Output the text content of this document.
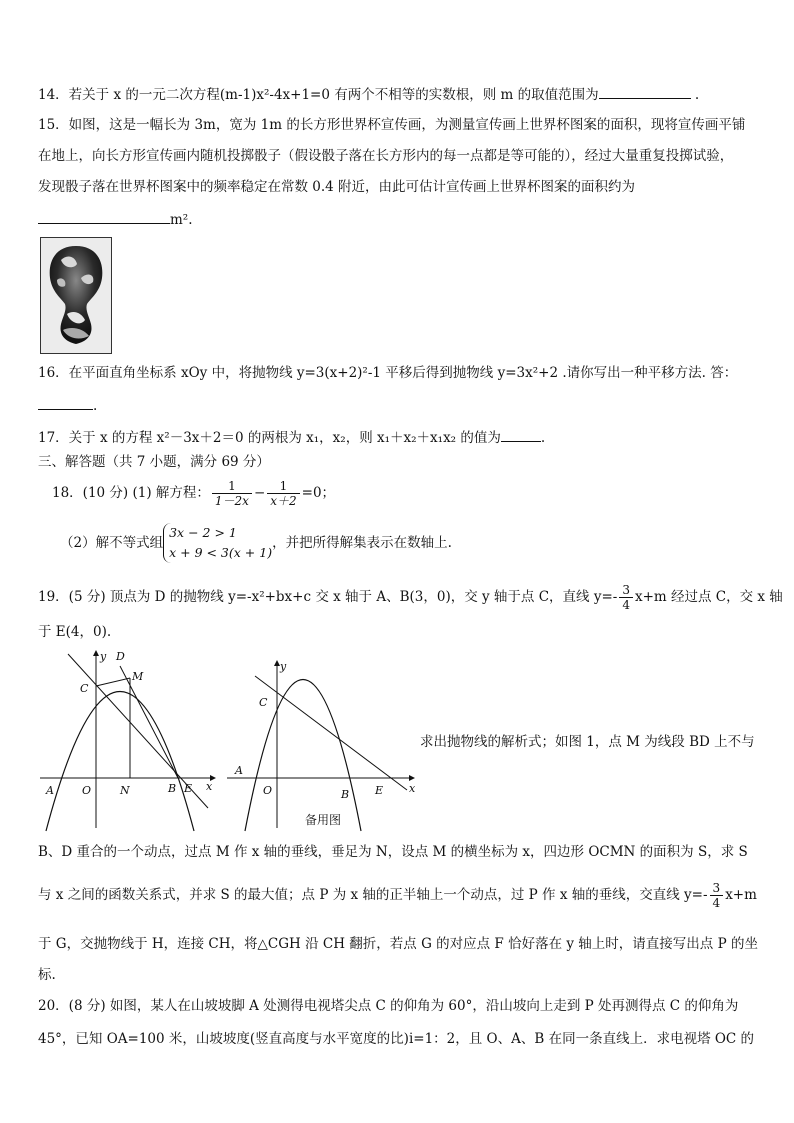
14．若关于 x 的一元二次方程(m-1)x²-4x+1=0 有两个不相等的实数根，则 m 的取值范围为	.
15．如图，这是一幅长为 3m，宽为 1m 的长方形世界杯宣传画，为测量宣传画上世界杯图案的面积，现将宣传画平铺
在地上，向长方形宣传画内随机投掷骰子（假设骰子落在长方形内的每一点都是等可能的），经过大量重复投掷试验，
发现骰子落在世界杯图案中的频率稳定在常数 0.4 附近，由此可估计宣传画上世界杯图案的面积约为
m².
16．在平面直角坐标系 xOy 中，将抛物线 y=3(x+2)²-1 平移后得到抛物线 y=3x²+2 .请你写出一种平移方法. 答：
.
17．关于 x 的方程 x²－3x＋2＝0 的两根为 x₁，x₂，则 x₁＋x₂＋x₁x₂ 的值为	.
三、解答题（共 7 小题，满分 69 分）
18．(10 分) (1) 解方程： $\frac{1}{1-2x} - \frac{1}{x+2} =0$；
（2）解不等式组
3x − 2 > 1
x + 9 < 3(x + 1)
，并把所得解集表示在数轴上.
19．(5 分) 顶点为 D 的抛物线 y=-x²+bx+c 交 x 轴于 A、B(3，0)，交 y 轴于点 C，直线 $y= - \frac{3}{4} x+m$ 经过点 C，交 x 轴
于 E(4，0).
y D
M
C
A	O	N	B E x
y
C
A
O	B E x
备用图
求出抛物线的解析式；如图 1，点 M 为线段 BD 上不与
B、D 重合的一个动点，过点 M 作 x 轴的垂线，垂足为 N，设点 M 的横坐标为 x，四边形 OCMN 的面积为 S，求 S
与 x 之间的函数关系式，并求 S 的最大值；点 P 为 x 轴的正半轴上一个动点，过 P 作 x 轴的垂线，交直线 $y= - \frac{3}{4} x+m$
于 G，交抛物线于 H，连接 CH，将△CGH 沿 CH 翻折，若点 G 的对应点 F 恰好落在 y 轴上时，请直接写出点 P 的坐
标.
20．(8 分) 如图，某人在山坡坡脚 A 处测得电视塔尖点 C 的仰角为 60°，沿山坡向上走到 P 处再测得点 C 的仰角为
45°，已知 OA=100 米，山坡坡度(竖直高度与水平宽度的比)i=1：2，且 O、A、B 在同一条直线上．求电视塔 OC 的
